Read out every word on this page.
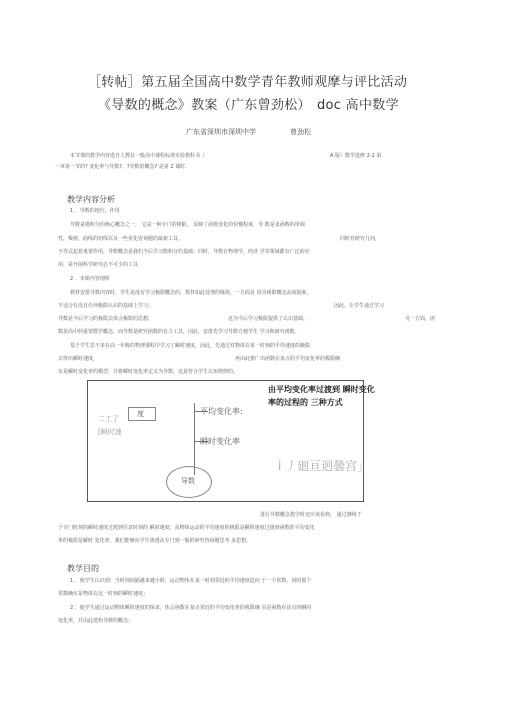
［转帖］第五届全国高中数学青年教师观摩与评比活动
《导数的概念》教案（广东曾劲松） doc 高中数学
广东省深圳市深圳中学	曾劲松
本节课的教学内容选自人教社一般高中课程标准实验教科书（	A 版）数学选修 2-2 第
一章第一节的? 变化率与导数?、?导数的概念? 是第 2 课时.
教学内容分析
1 ．导数的地位、作用
导数是微积分的核心概念之一， 它是一种专门的极限， 反映了函数变化的快慢程度．导 数是求函数的单调
性，极值，曲线的切线以及一些优化咨询题的最新工具，	同时对研究几何，
不等式起着重要作用，导数概念是我们今后学习数积分的基础；同时，导数在物理学，经济 学等领域都有广泛的应
用，是开展科学研究必不可少的工具
2 ．本课内容剖析
教材安排导数内容时，学生是没有学习极限概念的，教材如此处理的缘故，一方面是 因为极限概念高度抽象，
不适合在没有任何极限认识的基础上学习；	因此，让学生通过学习
导数是今后学习的极限去体会极限的思想，	这为今后学习极限提供了认识基础。	另一方面，函
数是高中的重要数学概念，而导数是研究函数的有力工具，因此，安排先学习导数方便学生 学习和研究函数。
基于学生思不多在高一年级的物理课程中学习了瞬时速度，因此，先通过对物体在某一时刻的平均速度的极限
去得出瞬时速度，	再由此推广出函数在某点的平均变化率的极限确
实是瞬时变化率的模型，并将瞬时变化率定义为导数，这是符合学生认知规律的。
由平均变化率过渡到 瞬时变化
率的过程的 三种方式
度
二工了
[瞬时速
平均变化率:
瞬时变化率
导数
i 丿廻亘迥曇宫」
进行导数概念教学时还应该看到， 通过割线干
个专门时刻的瞬时速度过渡到任意时刻的 瞬时速度；从物体运动的平均速度的极限是瞬时速度过渡到函数的平均变化
率的极限是瞬时 变化率，我们能够向学生渗透从专门到一般的研究咨询题思考 多思想．
教学目的
1 ．使学生认识到：当时刻间隔越来越小时，运动物体在某一时刻邻近的平均速度趋向 于一个常数，同时那个
常数确实是物体在这一时刻的瞬时速度；
2 ．使学生通过运动物体瞬时速度的探求，体会函数在某点邻近的平均变化率的极限确 实是函数在该点的瞬时
变化率，并由此建构导数的概念；
